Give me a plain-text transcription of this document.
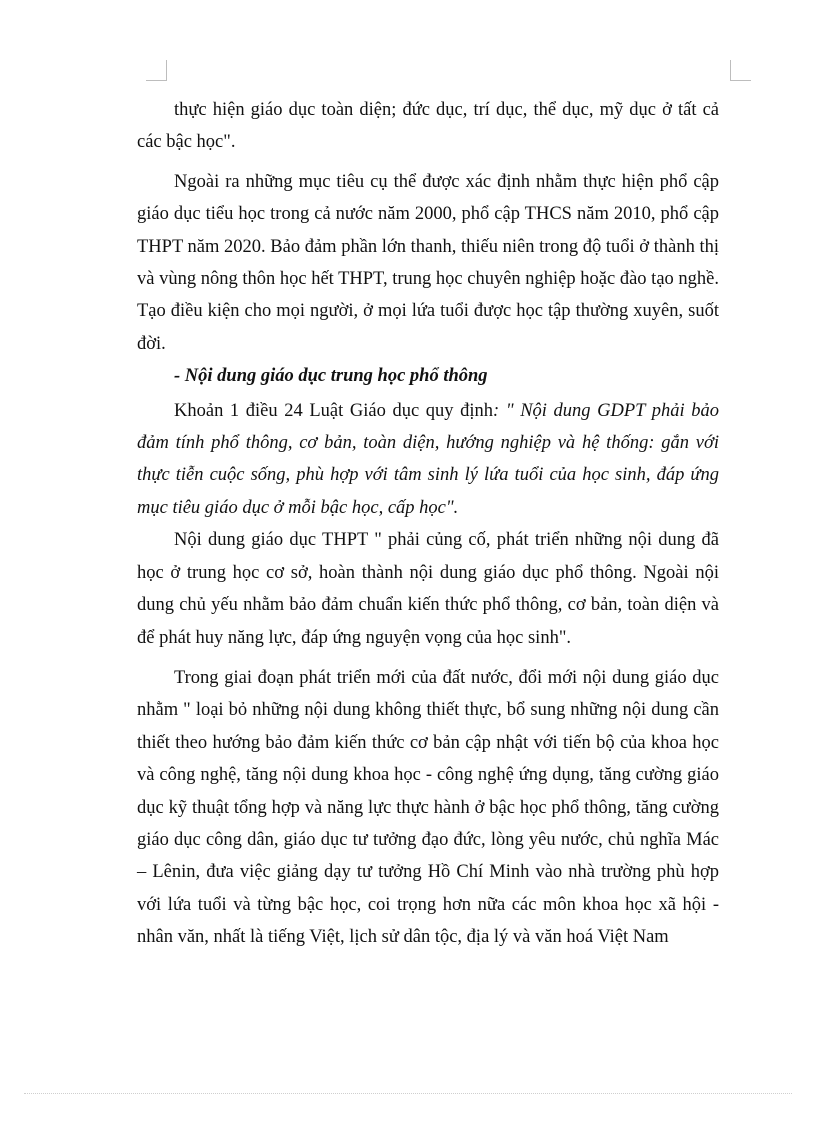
thực hiện giáo dục toàn diện; đức dục, trí dục, thể dục, mỹ dục ở tất cả các bậc học".

Ngoài ra những mục tiêu cụ thể được xác định nhằm thực hiện phổ cập giáo dục tiểu học trong cả nước năm 2000, phổ cập THCS năm 2010, phổ cập THPT năm 2020. Bảo đảm phần lớn thanh, thiếu niên trong độ tuổi ở thành thị và vùng nông thôn học hết THPT, trung học chuyên nghiệp hoặc đào tạo nghề. Tạo điều kiện cho mọi người, ở mọi lứa tuổi được học tập thường xuyên, suốt đời.

- Nội dung giáo dục trung học phổ thông

Khoản 1 điều 24 Luật Giáo dục quy định: " Nội dung GDPT phải bảo đảm tính phổ thông, cơ bản, toàn diện, hướng nghiệp và hệ thống: gắn với thực tiễn cuộc sống, phù hợp với tâm sinh lý lứa tuổi của học sinh, đáp ứng mục tiêu giáo dục ở mỗi bậc học, cấp học".

Nội dung giáo dục THPT " phải củng cố, phát triển những nội dung đã học ở trung học cơ sở, hoàn thành nội dung giáo dục phổ thông. Ngoài nội dung chủ yếu nhằm bảo đảm chuẩn kiến thức phổ thông, cơ bản, toàn diện và để phát huy năng lực, đáp ứng nguyện vọng của học sinh".

Trong giai đoạn phát triển mới của đất nước, đổi mới nội dung giáo dục nhằm " loại bỏ những nội dung không thiết thực, bổ sung những nội dung cần thiết theo hướng bảo đảm kiến thức cơ bản cập nhật với tiến bộ của khoa học và công nghệ, tăng nội dung khoa học - công nghệ ứng dụng, tăng cường giáo dục kỹ thuật tổng hợp và năng lực thực hành ở bậc học phổ thông, tăng cường giáo dục công dân, giáo dục tư tưởng đạo đức, lòng yêu nước, chủ nghĩa Mác – Lênin, đưa việc giảng dạy tư tưởng Hồ Chí Minh vào nhà trường phù hợp với lứa tuổi và từng bậc học, coi trọng hơn nữa các môn khoa học xã hội - nhân văn, nhất là tiếng Việt, lịch sử dân tộc, địa lý và văn hoá Việt Nam
